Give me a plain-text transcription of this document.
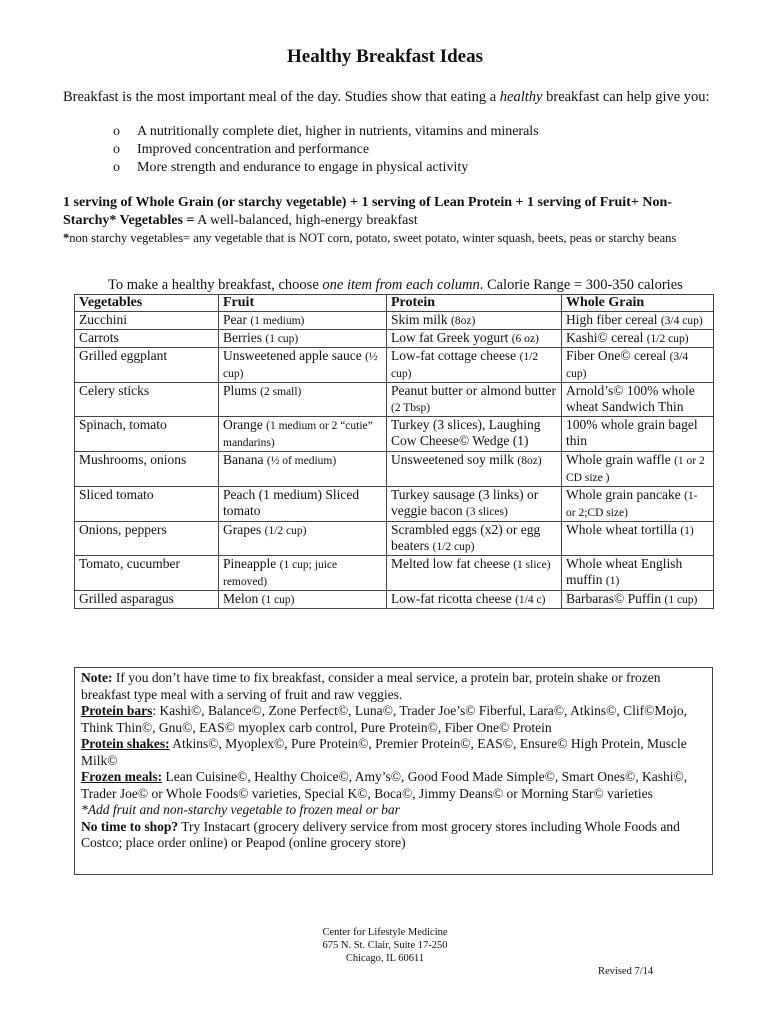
Healthy Breakfast Ideas
Breakfast is the most important meal of the day. Studies show that eating a healthy breakfast can help give you:
o A nutritionally complete diet, higher in nutrients, vitamins and minerals
o Improved concentration and performance
o More strength and endurance to engage in physical activity
1 serving of Whole Grain (or starchy vegetable) + 1 serving of Lean Protein + 1 serving of Fruit+ Non-Starchy* Vegetables = A well-balanced, high-energy breakfast
*non starchy vegetables= any vegetable that is NOT corn, potato, sweet potato, winter squash, beets, peas or starchy beans
To make a healthy breakfast, choose one item from each column. Calorie Range = 300-350 calories
Vegetables	Fruit	Protein	Whole Grain
Zucchini	Pear (1 medium)	Skim milk (8oz)	High fiber cereal (3/4 cup)
Carrots	Berries (1 cup)	Low fat Greek yogurt (6 oz)	Kashi© cereal (1/2 cup)
Grilled eggplant	Unsweetened apple sauce (½ cup)	Low-fat cottage cheese (1/2 cup)	Fiber One© cereal (3/4 cup)
Celery sticks	Plums (2 small)	Peanut butter or almond butter (2 Tbsp)	Arnold’s© 100% whole wheat Sandwich Thin
Spinach, tomato	Orange (1 medium or 2 “cutie” mandarins)	Turkey (3 slices), Laughing Cow Cheese© Wedge (1)	100% whole grain bagel thin
Mushrooms, onions	Banana (½ of medium)	Unsweetened soy milk (8oz)	Whole grain waffle (1 or 2 CD size )
Sliced tomato	Peach (1 medium) Sliced tomato	Turkey sausage (3 links) or veggie bacon (3 slices)	Whole grain pancake (1- or 2;CD size)
Onions, peppers	Grapes (1/2 cup)	Scrambled eggs (x2) or egg beaters (1/2 cup)	Whole wheat tortilla (1)
Tomato, cucumber	Pineapple (1 cup; juice removed)	Melted low fat cheese (1 slice)	Whole wheat English muffin (1)
Grilled asparagus	Melon (1 cup)	Low-fat ricotta cheese (1/4 c)	Barbaras© Puffin (1 cup)
Note: If you don’t have time to fix breakfast, consider a meal service, a protein bar, protein shake or frozen breakfast type meal with a serving of fruit and raw veggies.
Protein bars: Kashi©, Balance©, Zone Perfect©, Luna©, Trader Joe’s© Fiberful, Lara©, Atkins©, Clif©Mojo, Think Thin©, Gnu©, EAS© myoplex carb control, Pure Protein©, Fiber One© Protein
Protein shakes: Atkins©, Myoplex©, Pure Protein©, Premier Protein©, EAS©, Ensure© High Protein, Muscle Milk©
Frozen meals: Lean Cuisine©, Healthy Choice©, Amy’s©, Good Food Made Simple©, Smart Ones©, Kashi©, Trader Joe© or Whole Foods© varieties, Special K©, Boca©, Jimmy Deans© or Morning Star© varieties
*Add fruit and non-starchy vegetable to frozen meal or bar
No time to shop? Try Instacart (grocery delivery service from most grocery stores including Whole Foods and Costco; place order online) or Peapod (online grocery store)
Center for Lifestyle Medicine
675 N. St. Clair, Suite 17-250
Chicago, IL 60611
Revised 7/14
